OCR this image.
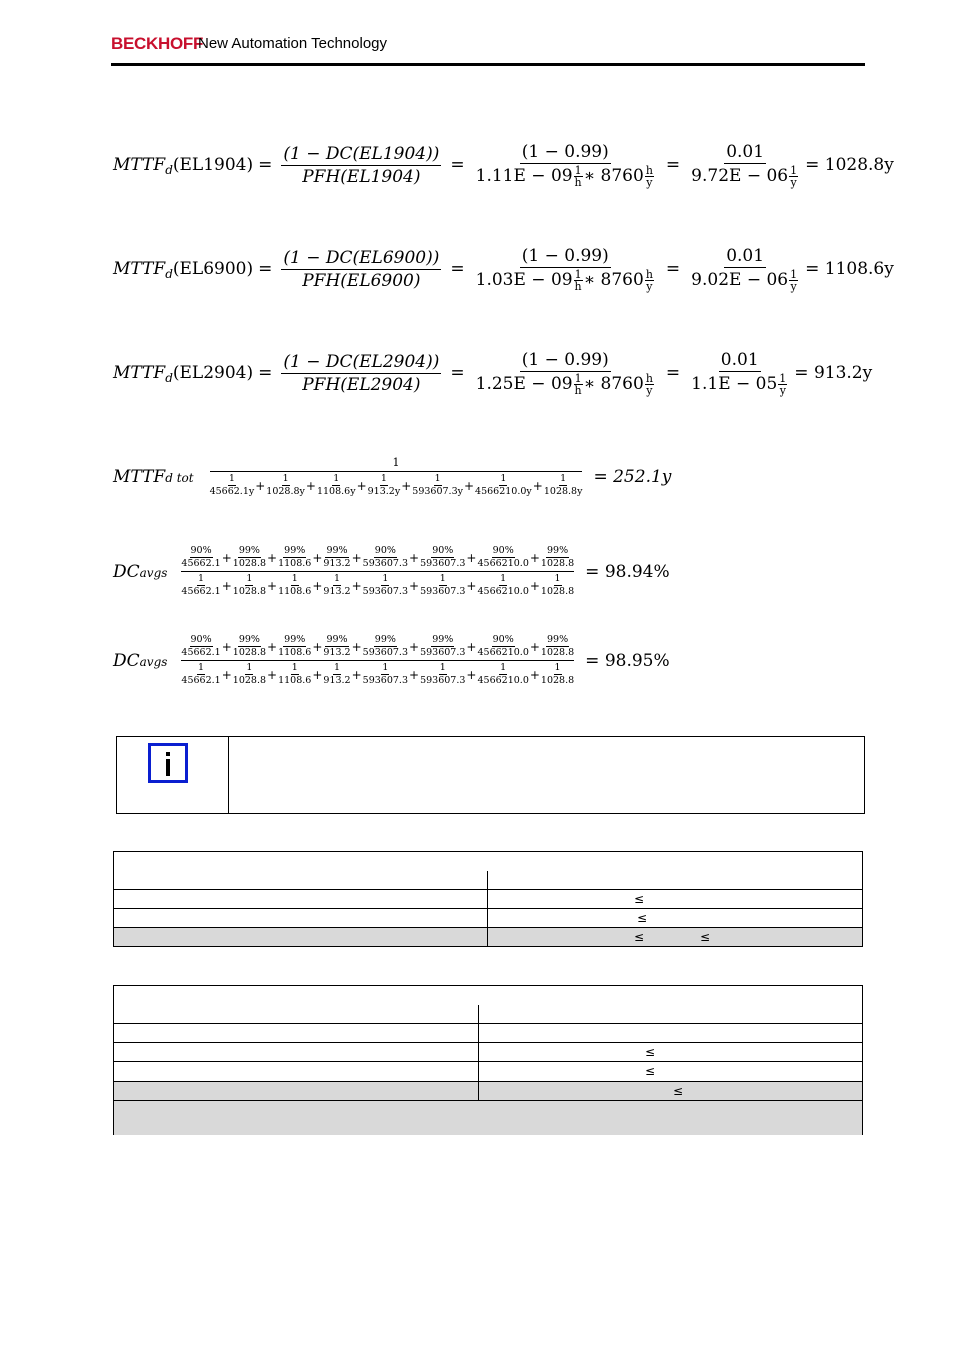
BECKHOFF
New Automation Technology
MTTF d (EL1904) =
(1 − DC(EL1904))
PFH(EL1904)
= $\frac{(1 - 0.99)}{1.11E - 09 \frac{1}{h} ∗ 8760 \frac{h}{y}} = \frac{0.01}{9.72E - 06 \frac{1}{y}} = 1028.8y$
MTTF d (EL6900) =
(1 − DC(EL6900))
PFH(EL6900)
= $\frac{(1 - 0.99)}{1.03E - 09 \frac{1}{h} ∗ 8760 \frac{h}{y}} = \frac{0.01}{9.02E - 06 \frac{1}{y}} = 1108.6y$
MTTF d (EL2904) =
(1 − DC(EL2904))
PFH(EL2904)
= $\frac{(1 - 0.99)}{1.25E - 09 \frac{1}{h} ∗ 8760 \frac{h}{y}} = \frac{0.01}{1.1E - 05 \frac{1}{y}} = 913.2y$
MTTFd tot
1
1
$45662.1y + \frac{1}{1028.8y} + \frac{1}{1108.6y} + \frac{1}{913.2y} + \frac{1}{593607.3y} + \frac{1}{4566210.0y} + \frac{1}{1028.8y} = 252.1y$
DCavgs
90%
$45662.1 + \frac{99\%}{1028.8} + \frac{99\%}{1108.6} + \frac{99\%}{913.2} + \frac{90\%}{593607.3} + \frac{90\%}{593607.3} + \frac{90\%}{4566210.0} + \frac{99\%}{1028.8}$
1
$45662.1 + \frac{1}{1028.8} + \frac{1}{1108.6} + \frac{1}{913.2} + \frac{1}{593607.3} + \frac{1}{593607.3} + \frac{1}{4566210.0} + \frac{1}{1028.8}$
= 98.94%
DCavgs
90%
$45662.1 + \frac{99\%}{1028.8} + \frac{99\%}{1108.6} + \frac{99\%}{913.2} + \frac{99\%}{593607.3} + \frac{99\%}{593607.3} + \frac{90\%}{4566210.0} + \frac{99\%}{1028.8}$
1
$45662.1 + \frac{1}{1028.8} + \frac{1}{1108.6} + \frac{1}{913.2} + \frac{1}{593607.3} + \frac{1}{593607.3} + \frac{1}{4566210.0} + \frac{1}{1028.8}$
= 98.95%
≤
≤
≤	≤
≤
≤
≤
